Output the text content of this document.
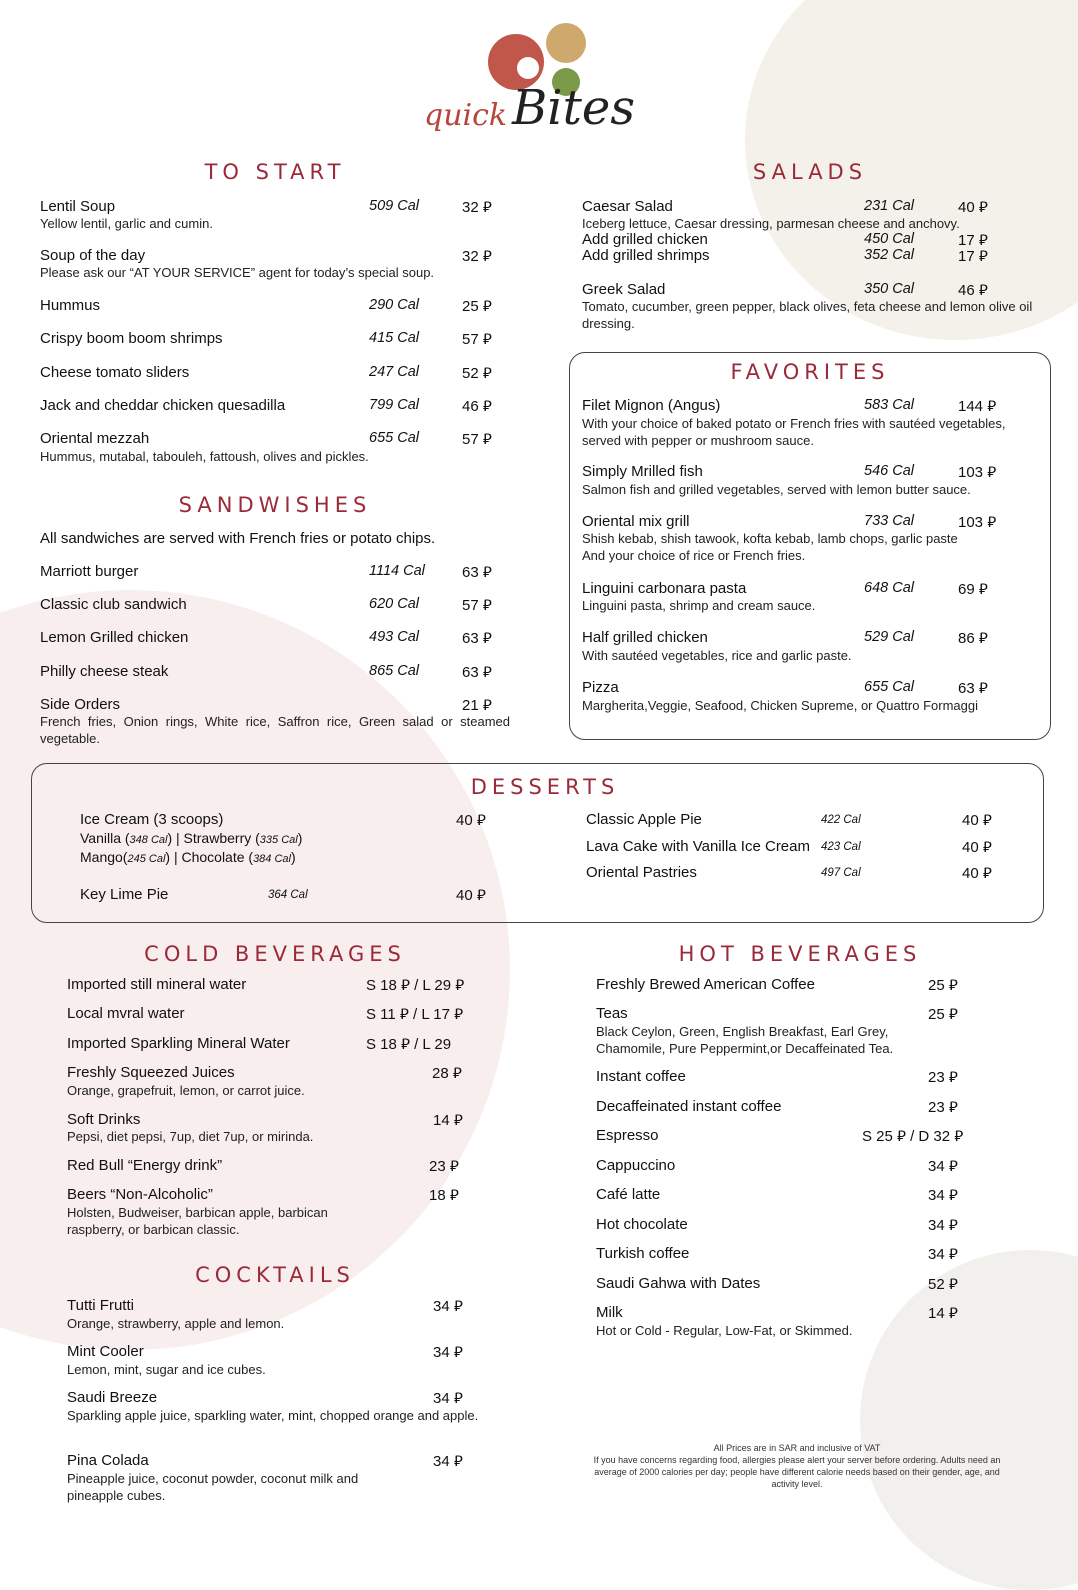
quick Bites
TO START
Lentil Soup	509 Cal	32 ⃁
Yellow lentil, garlic and cumin.
Soup of the day	32 ⃁
Please ask our “AT YOUR SERVICE” agent for today’s special soup.
Hummus	290 Cal	25 ⃁
Crispy boom boom shrimps	415 Cal	57 ⃁
Cheese tomato sliders	247 Cal	52 ⃁
Jack and cheddar chicken quesadilla	799 Cal	46 ⃁
Oriental mezzah	655 Cal	57 ⃁
Hummus, mutabal, tabouleh, fattoush, olives and pickles.
SANDWISHES
All sandwiches are served with French fries or potato chips.
Marriott burger	1114 Cal 63 ⃁
Classic club sandwich	620 Cal	57 ⃁
Lemon Grilled chicken	493 Cal	63 ⃁
Philly cheese steak	865 Cal	63 ⃁
Side Orders	21 ⃁
French fries, Onion rings, White rice, Saffron rice, Green salad or steamed vegetable.
SALADS
Caesar Salad	231 Cal	40 ⃁
Iceberg lettuce, Caesar dressing, parmesan cheese and anchovy.
Add grilled chicken	450 Cal	17 ⃁
Add grilled shrimps	352 Cal	17 ⃁
Greek Salad	350 Cal	46 ⃁
Tomato, cucumber, green pepper, black olives, feta cheese and lemon olive oil dressing.
FAVORITES
Filet Mignon (Angus)	583 Cal	144 ⃁
With your choice of baked potato or French fries with sautéed vegetables, served with pepper or mushroom sauce.
Simply Mrilled fish	546 Cal	103 ⃁
Salmon fish and grilled vegetables, served with lemon butter sauce.
Oriental mix grill	733 Cal	103 ⃁
Shish kebab, shish tawook, kofta kebab, lamb chops, garlic paste And your choice of rice or French fries.
Linguini carbonara pasta	648 Cal	69 ⃁
Linguini pasta, shrimp and cream sauce.
Half grilled chicken	529 Cal	86 ⃁
With sautéed vegetables, rice and garlic paste.
Pizza	655 Cal	63 ⃁
Margherita,Veggie, Seafood, Chicken Supreme, or Quattro Formaggi
DESSERTS
Ice Cream (3 scoops)	40 ⃁
Vanilla (348 Cal) | Strawberry (335 Cal)
Mango(245 Cal) | Chocolate (384 Cal)
Key Lime Pie	364 Cal	40 ⃁
Classic Apple Pie	422 Cal	40 ⃁
Lava Cake with Vanilla Ice Cream 423 Cal	40 ⃁
Oriental Pastries	497 Cal	40 ⃁
COLD BEVERAGES
Imported still mineral water	S 18 ⃁ / L 29 ⃁
Local mvral water	S 11 ⃁ / L 17 ⃁
Imported Sparkling Mineral Water	S 18 ⃁ / L 29
Freshly Squeezed Juices	28 ⃁
Orange, grapefruit, lemon, or carrot juice.
Soft Drinks	14 ⃁
Pepsi, diet pepsi, 7up, diet 7up, or mirinda.
Red Bull “Energy drink”	23 ⃁
Beers “Non-Alcoholic”	18 ⃁
Holsten, Budweiser, barbican apple, barbican raspberry, or barbican classic.
COCKTAILS
Tutti Frutti	34 ⃁
Orange, strawberry, apple and lemon.
Mint Cooler	34 ⃁
Lemon, mint, sugar and ice cubes.
Saudi Breeze	34 ⃁
Sparkling apple juice, sparkling water, mint, chopped orange and apple.
Pina Colada	34 ⃁
Pineapple juice, coconut powder, coconut milk and pineapple cubes.
HOT BEVERAGES
Freshly Brewed American Coffee	25 ⃁
Teas	25 ⃁
Black Ceylon, Green, English Breakfast, Earl Grey, Chamomile, Pure Peppermint,or Decaffeinated Tea.
Instant coffee	23 ⃁
Decaffeinated instant coffee	23 ⃁
Espresso	S 25 ⃁ / D 32 ⃁
Cappuccino	34 ⃁
Café latte	34 ⃁
Hot chocolate	34 ⃁
Turkish coffee	34 ⃁
Saudi Gahwa with Dates	52 ⃁
Milk	14 ⃁
Hot or Cold - Regular, Low-Fat, or Skimmed.
All Prices are in SAR and inclusive of VAT
If you have concerns regarding food, allergies please alert your server before ordering. Adults need an average of 2000 calories per day; people have different calorie needs based on their gender, age, and activity level.
